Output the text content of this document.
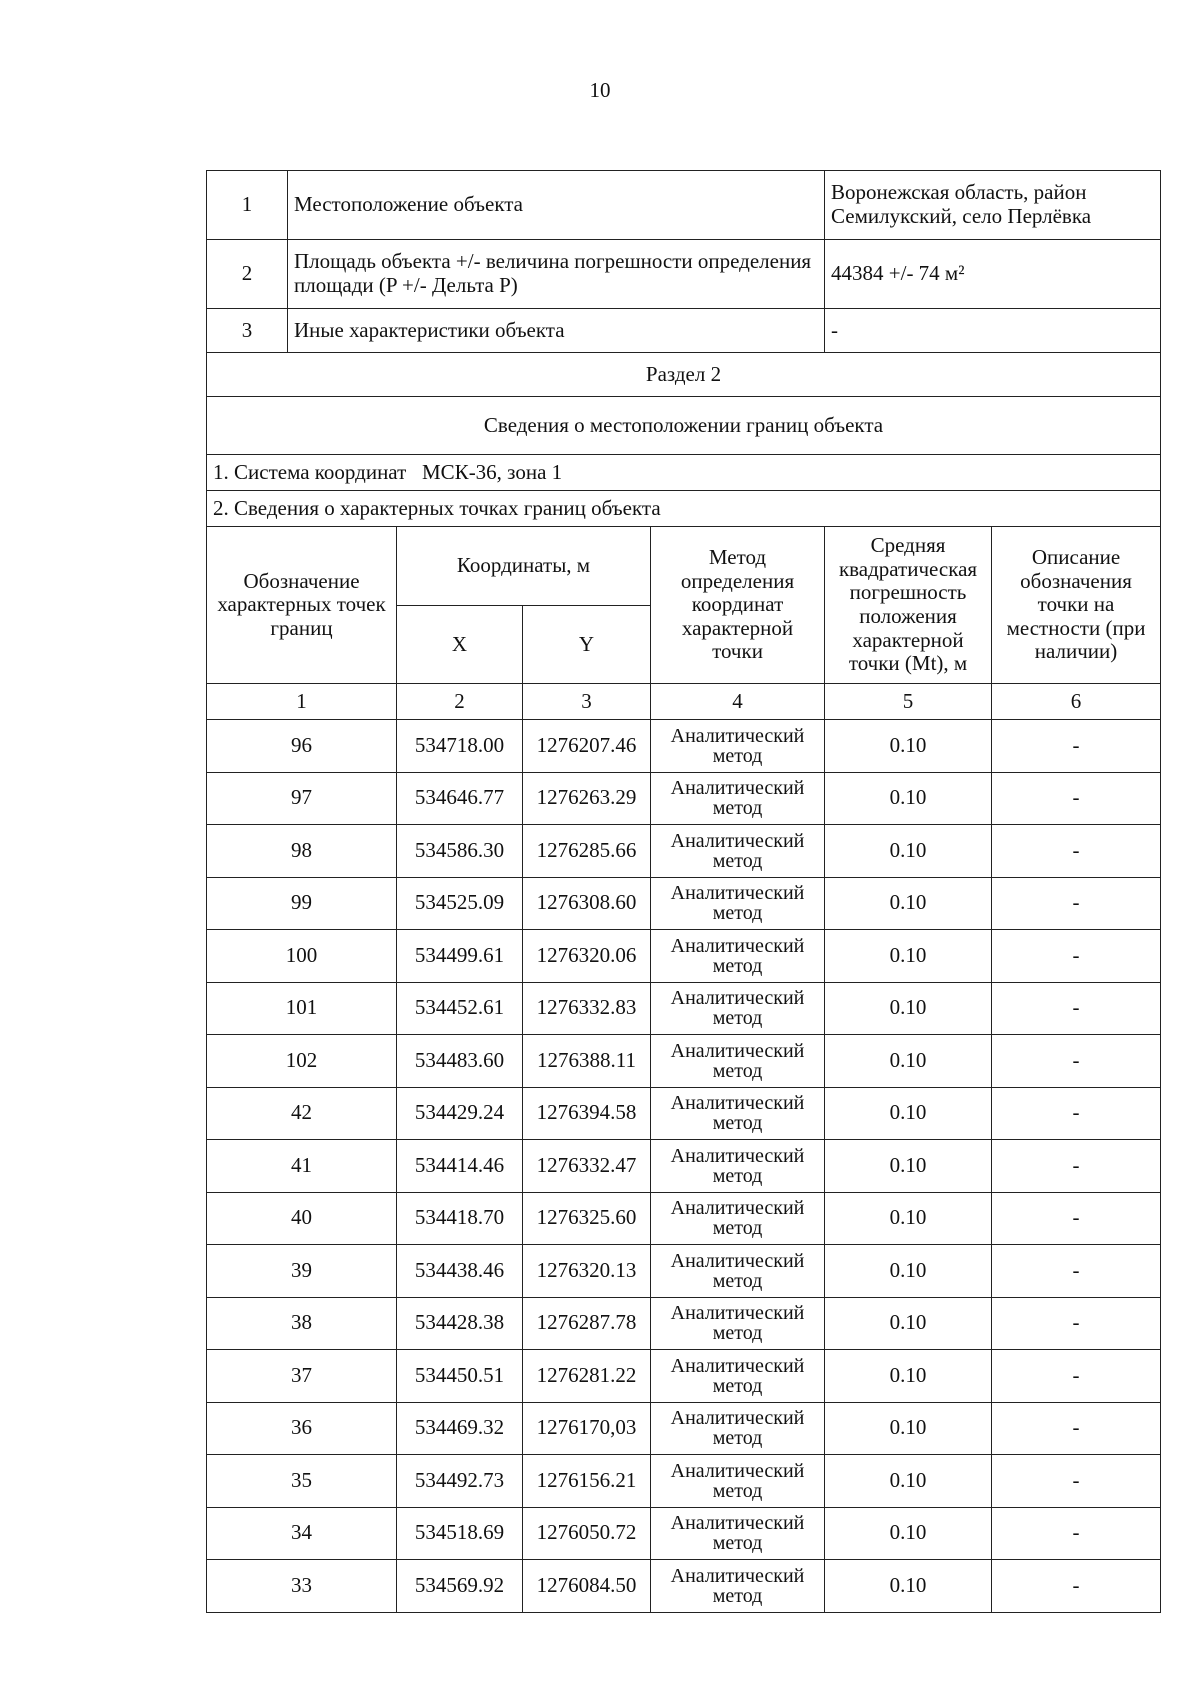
10
1	Местоположение объекта				Воронежская область, район Семилукский, село Перлёвка	
2	Площадь объекта +/- величина погрешности определения площади (P +/- Дельта P)				44384 +/- 74 м²	
3	Иные характеристики объекта				-	
Раздел 2						
Сведения о местоположении границ объекта						
1. Система координат   МСК-36, зона 1						
2. Сведения о характерных точках границ объекта						
Обозначение характерных точек границ		Координаты, м		Метод определения координат характерной точки	Средняя квадратическая погрешность положения характерной точки (Mt), м	Описание обозначения точки на местности (при наличии)
		X	Y			
1		2	3	4	5	6
96		534718.00	1276207.46	Аналитический метод	0.10	-
97		534646.77	1276263.29	Аналитический метод	0.10	-
98		534586.30	1276285.66	Аналитический метод	0.10	-
99		534525.09	1276308.60	Аналитический метод	0.10	-
100		534499.61	1276320.06	Аналитический метод	0.10	-
101		534452.61	1276332.83	Аналитический метод	0.10	-
102		534483.60	1276388.11	Аналитический метод	0.10	-
42		534429.24	1276394.58	Аналитический метод	0.10	-
41		534414.46	1276332.47	Аналитический метод	0.10	-
40		534418.70	1276325.60	Аналитический метод	0.10	-
39		534438.46	1276320.13	Аналитический метод	0.10	-
38		534428.38	1276287.78	Аналитический метод	0.10	-
37		534450.51	1276281.22	Аналитический метод	0.10	-
36		534469.32	1276170,03	Аналитический метод	0.10	-
35		534492.73	1276156.21	Аналитический метод	0.10	-
34		534518.69	1276050.72	Аналитический метод	0.10	-
33		534569.92	1276084.50	Аналитический метод	0.10	-
